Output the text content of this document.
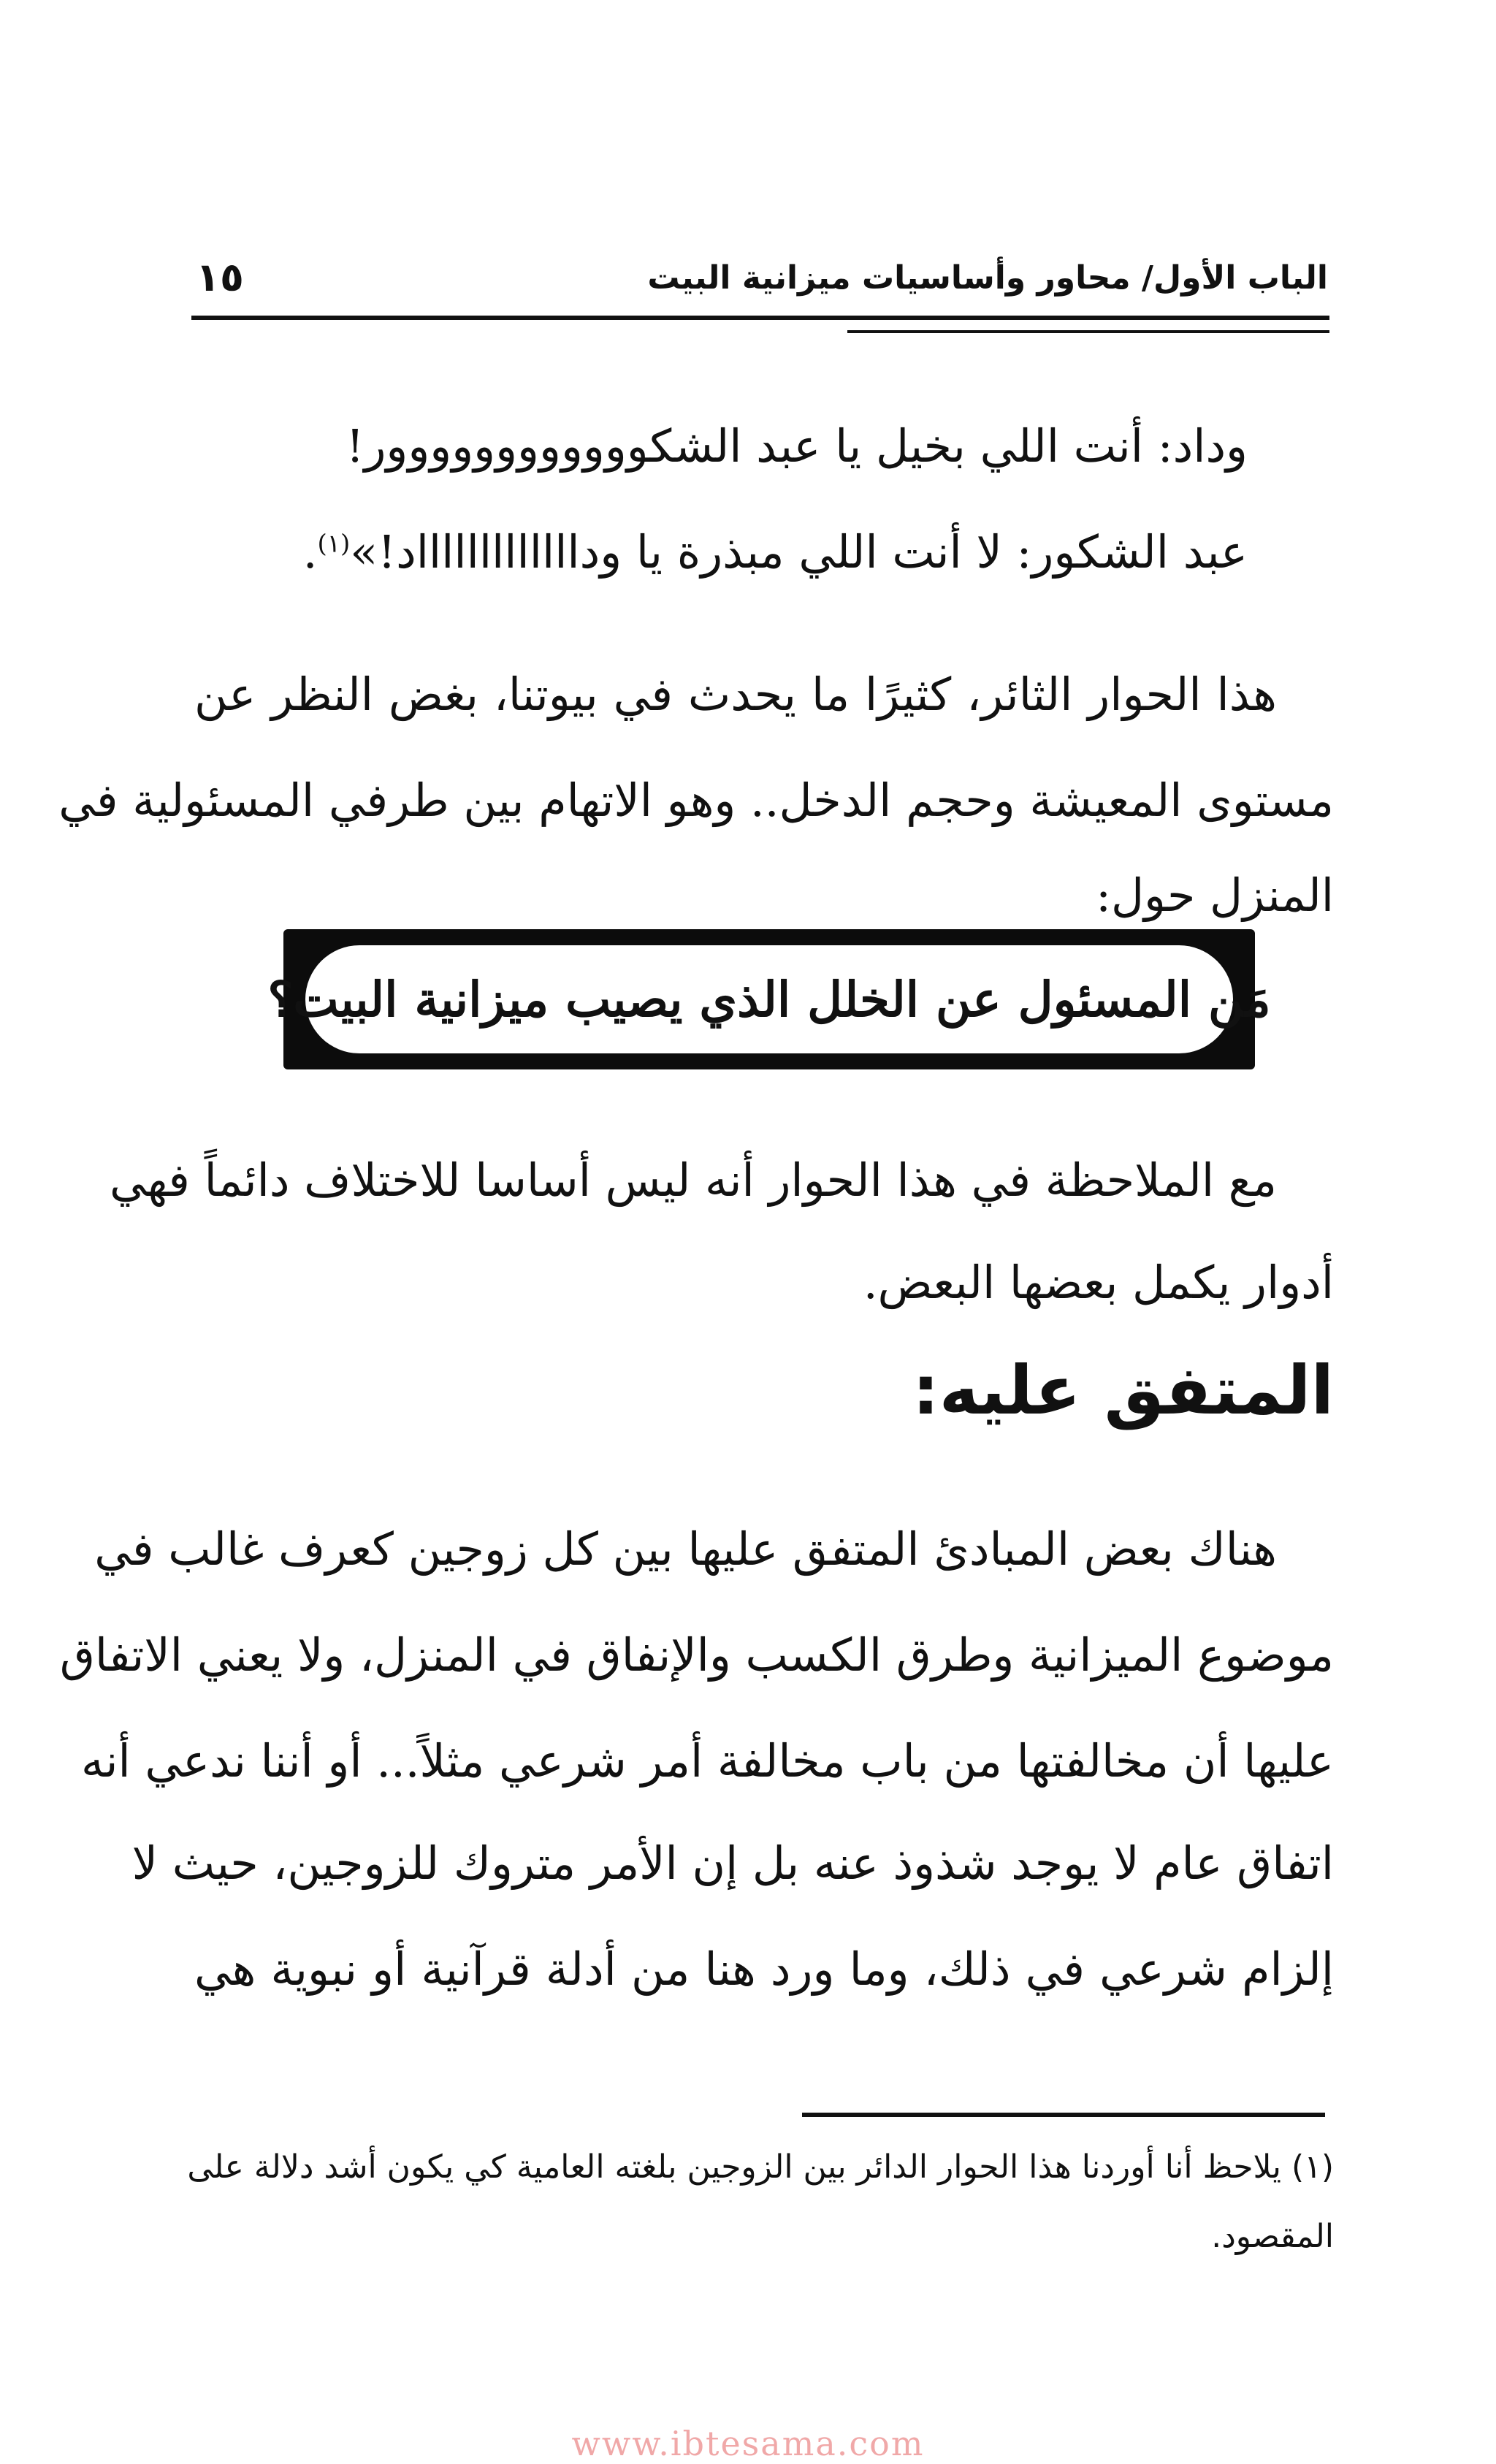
الباب الأول/ محاور وأساسيات ميزانية البيت
١٥
وداد: أنت اللي بخيل يا عبد الشكوووووووووووور!
عبد الشكور: لا أنت اللي مبذرة يا وداااااااااااااد!»$^{(١)}$.
هذا الحوار الثائر، كثيرًا ما يحدث في بيوتنا، بغض النظر عن
مستوى المعيشة وحجم الدخل.. وهو الاتهام بين طرفي المسئولية في
المنزل حول:
مَن المسئول عن الخلل الذي يصيب ميزانية البيت؟
مع الملاحظة في هذا الحوار أنه ليس أساسا للاختلاف دائماً فهي
أدوار يكمل بعضها البعض.
المتفق عليه:
هناك بعض المبادئ المتفق عليها بين كل زوجين كعرف غالب في
موضوع الميزانية وطرق الكسب والإنفاق في المنزل، ولا يعني الاتفاق
عليها أن مخالفتها من باب مخالفة أمر شرعي مثلاً... أو أننا ندعي أنه
اتفاق عام لا يوجد شذوذ عنه بل إن الأمر متروك للزوجين، حيث لا
إلزام شرعي في ذلك، وما ورد هنا من أدلة قرآنية أو نبوية هي
(١) يلاحظ أنا أوردنا هذا الحوار الدائر بين الزوجين بلغته العامية كي يكون أشد دلالة على
المقصود.
www.ibtesama.com
